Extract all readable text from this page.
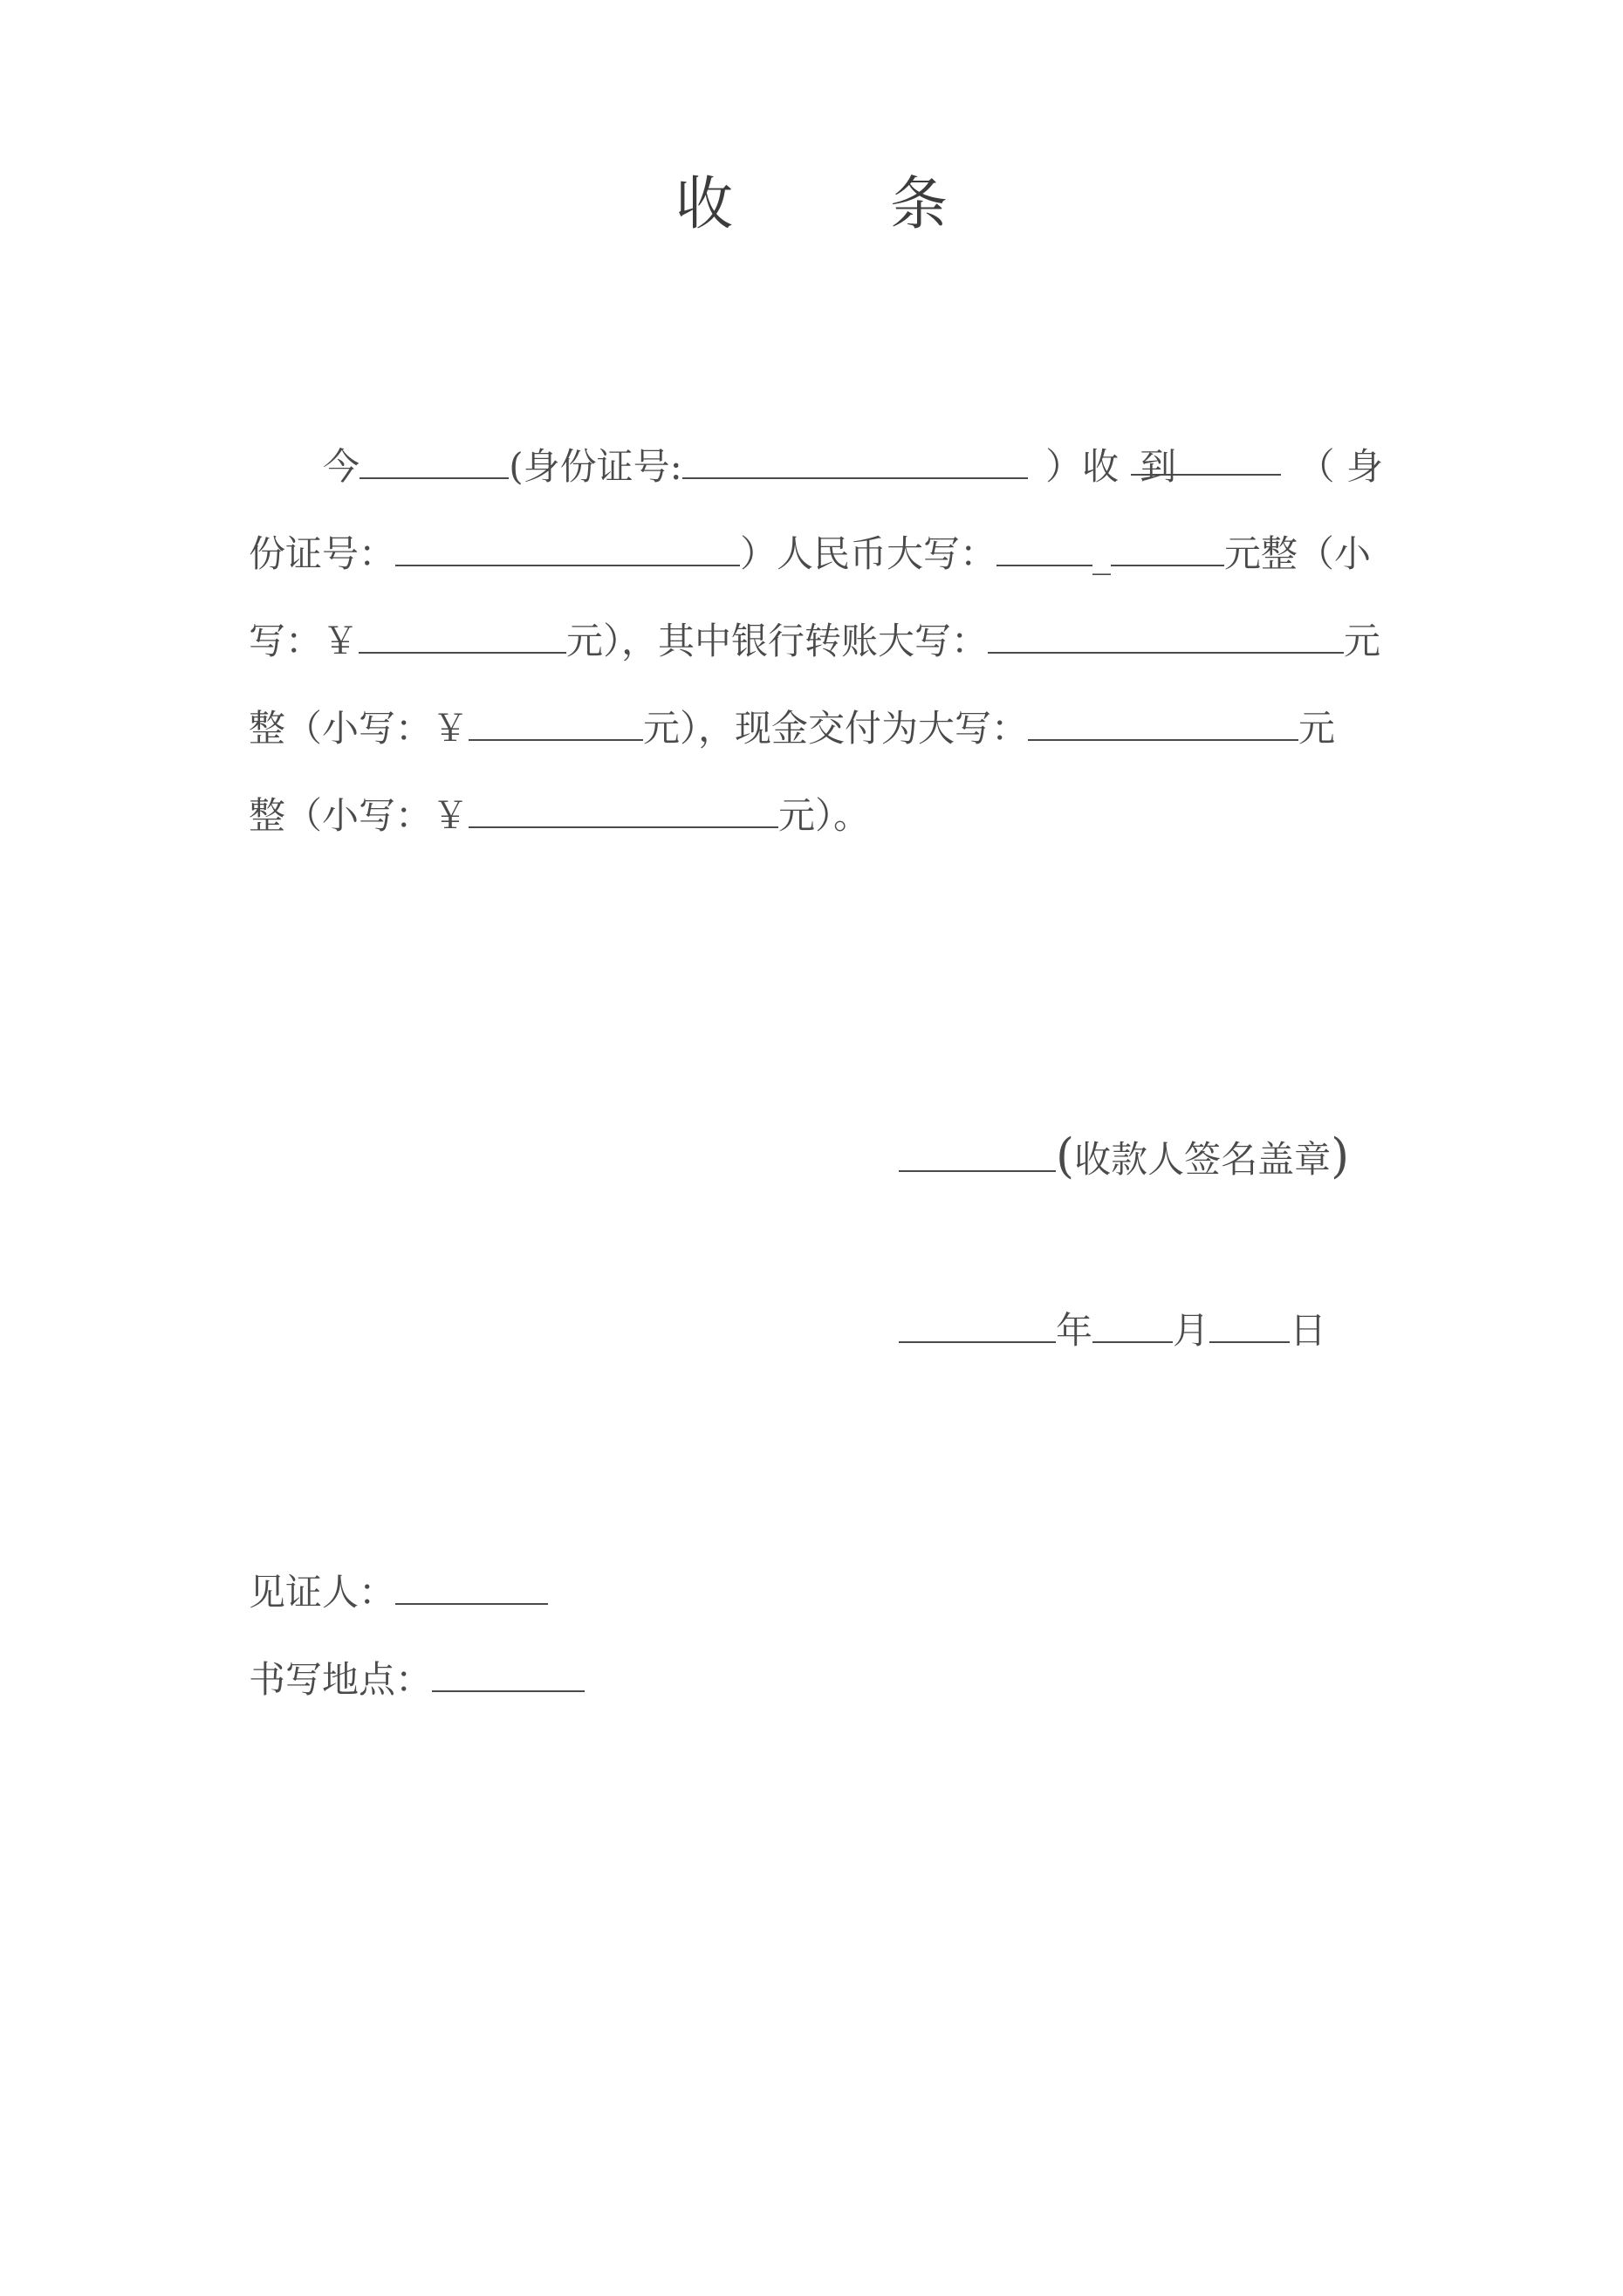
收	条
今	(身份证号:	）收 到	（ 身
份证号：	）人民币大写：	_	元整（小
写：￥	元），其中银行转账大写：	元
整（小写：￥	元），现金交付为大写：	元
整（小写：￥	元）。
( 收款人签名盖章 )
年 月 日
见证人：
书写地点：
